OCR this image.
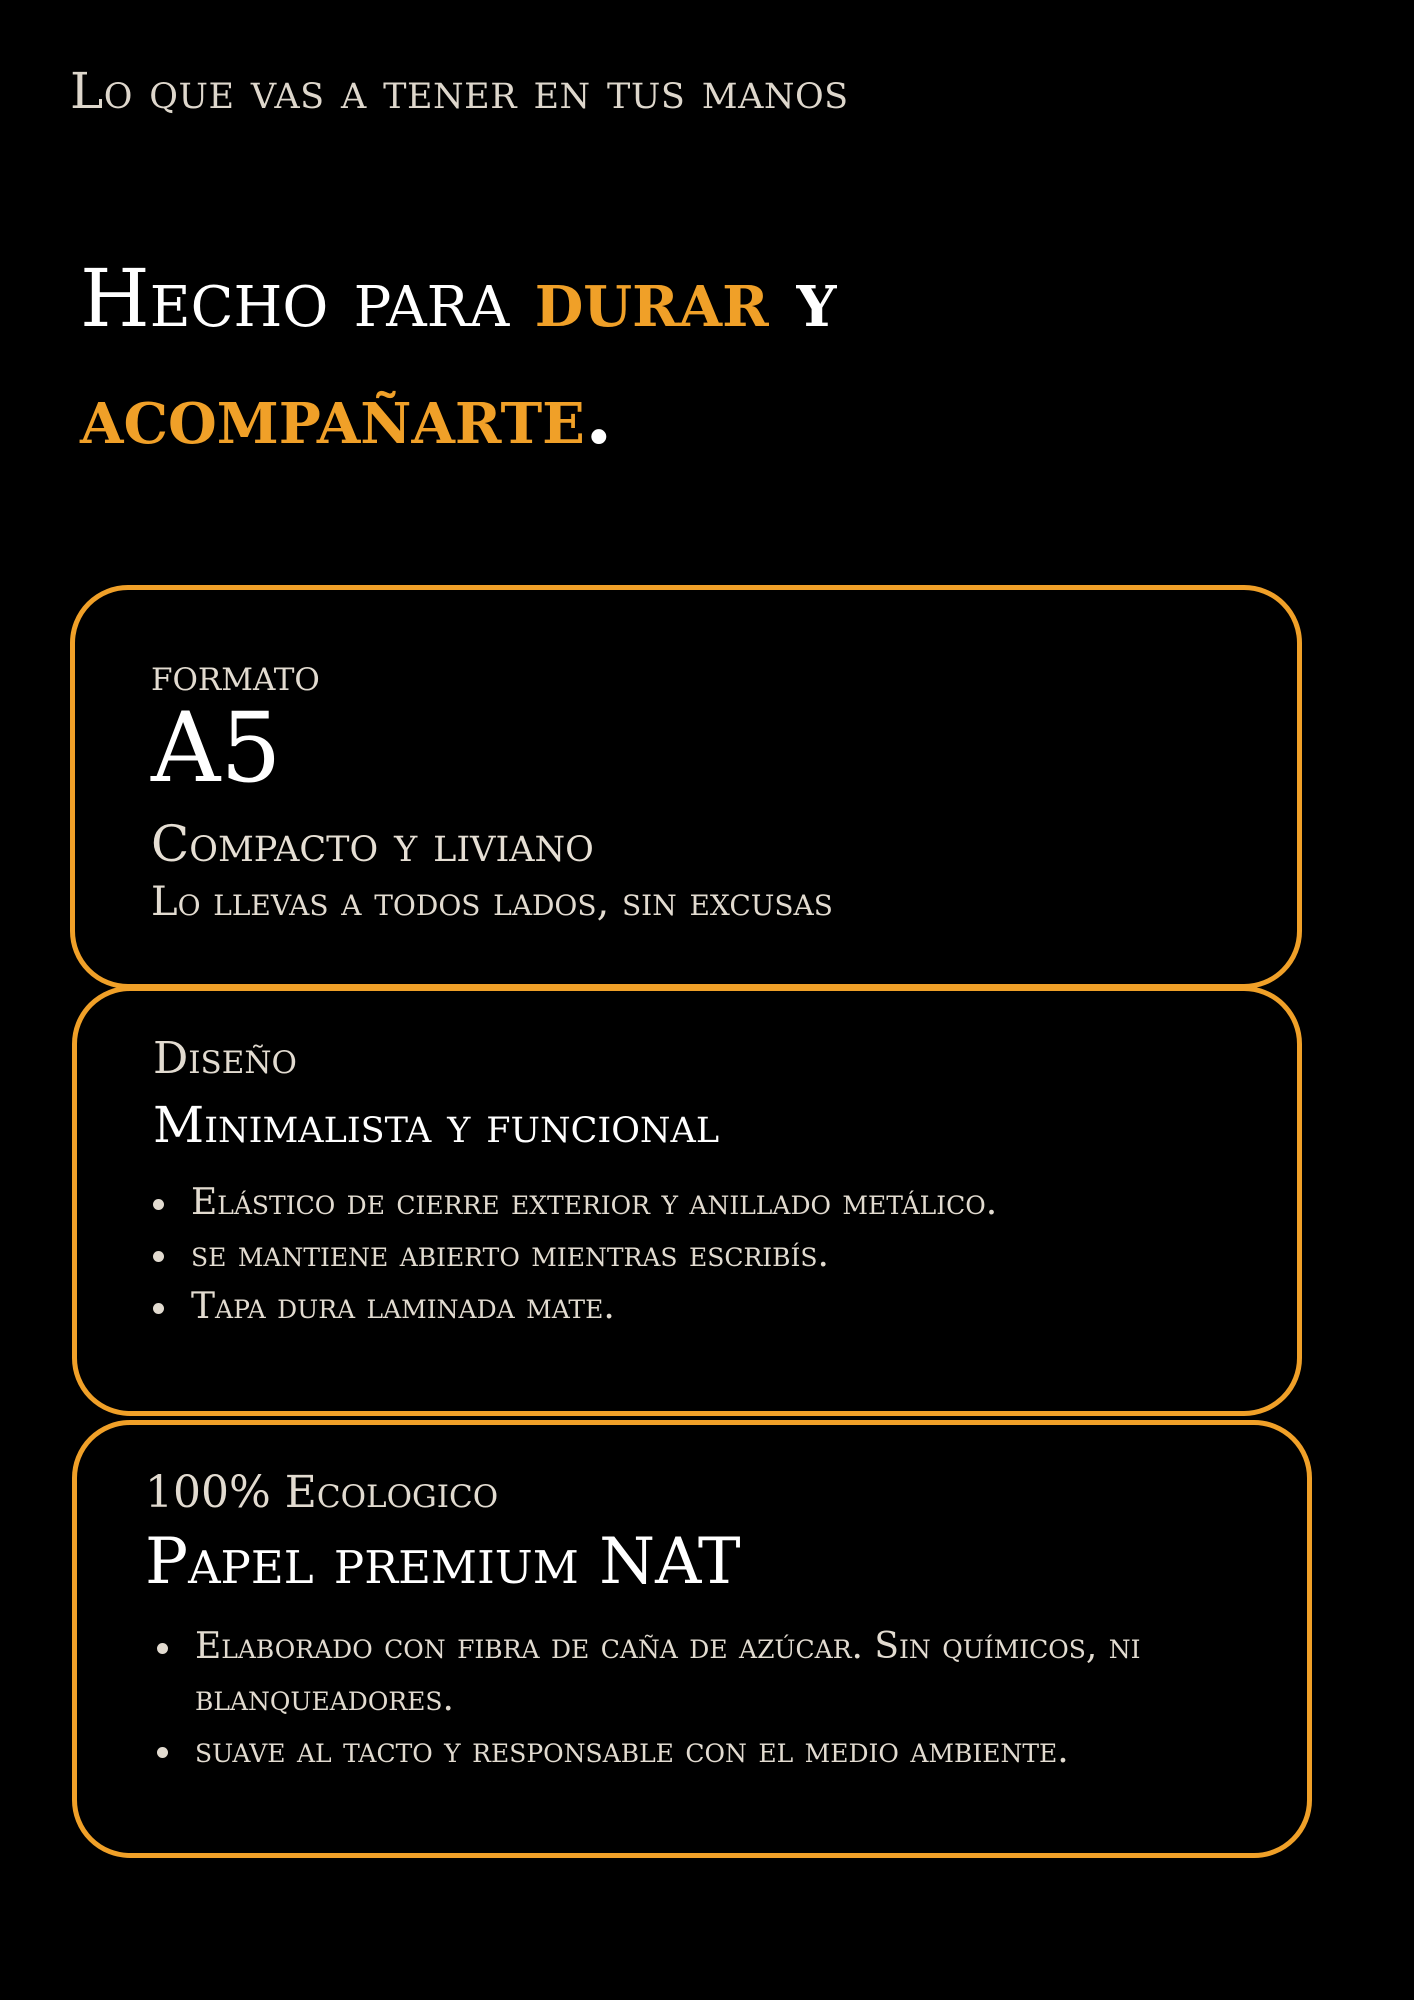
Lo que vas a tener en tus manos
Hecho para durar y
acompañarte.
formato
A5
Compacto y liviano
Lo llevas a todos lados, sin excusas
Diseño
Minimalista y funcional
Elástico de cierre exterior y anillado metálico.
se mantiene abierto mientras escribís.
Tapa dura laminada mate.
100% Ecologico
Papel premium NAT
Elaborado con fibra de caña de azúcar. Sin químicos, ni blanqueadores.
suave al tacto y responsable con el medio ambiente.
